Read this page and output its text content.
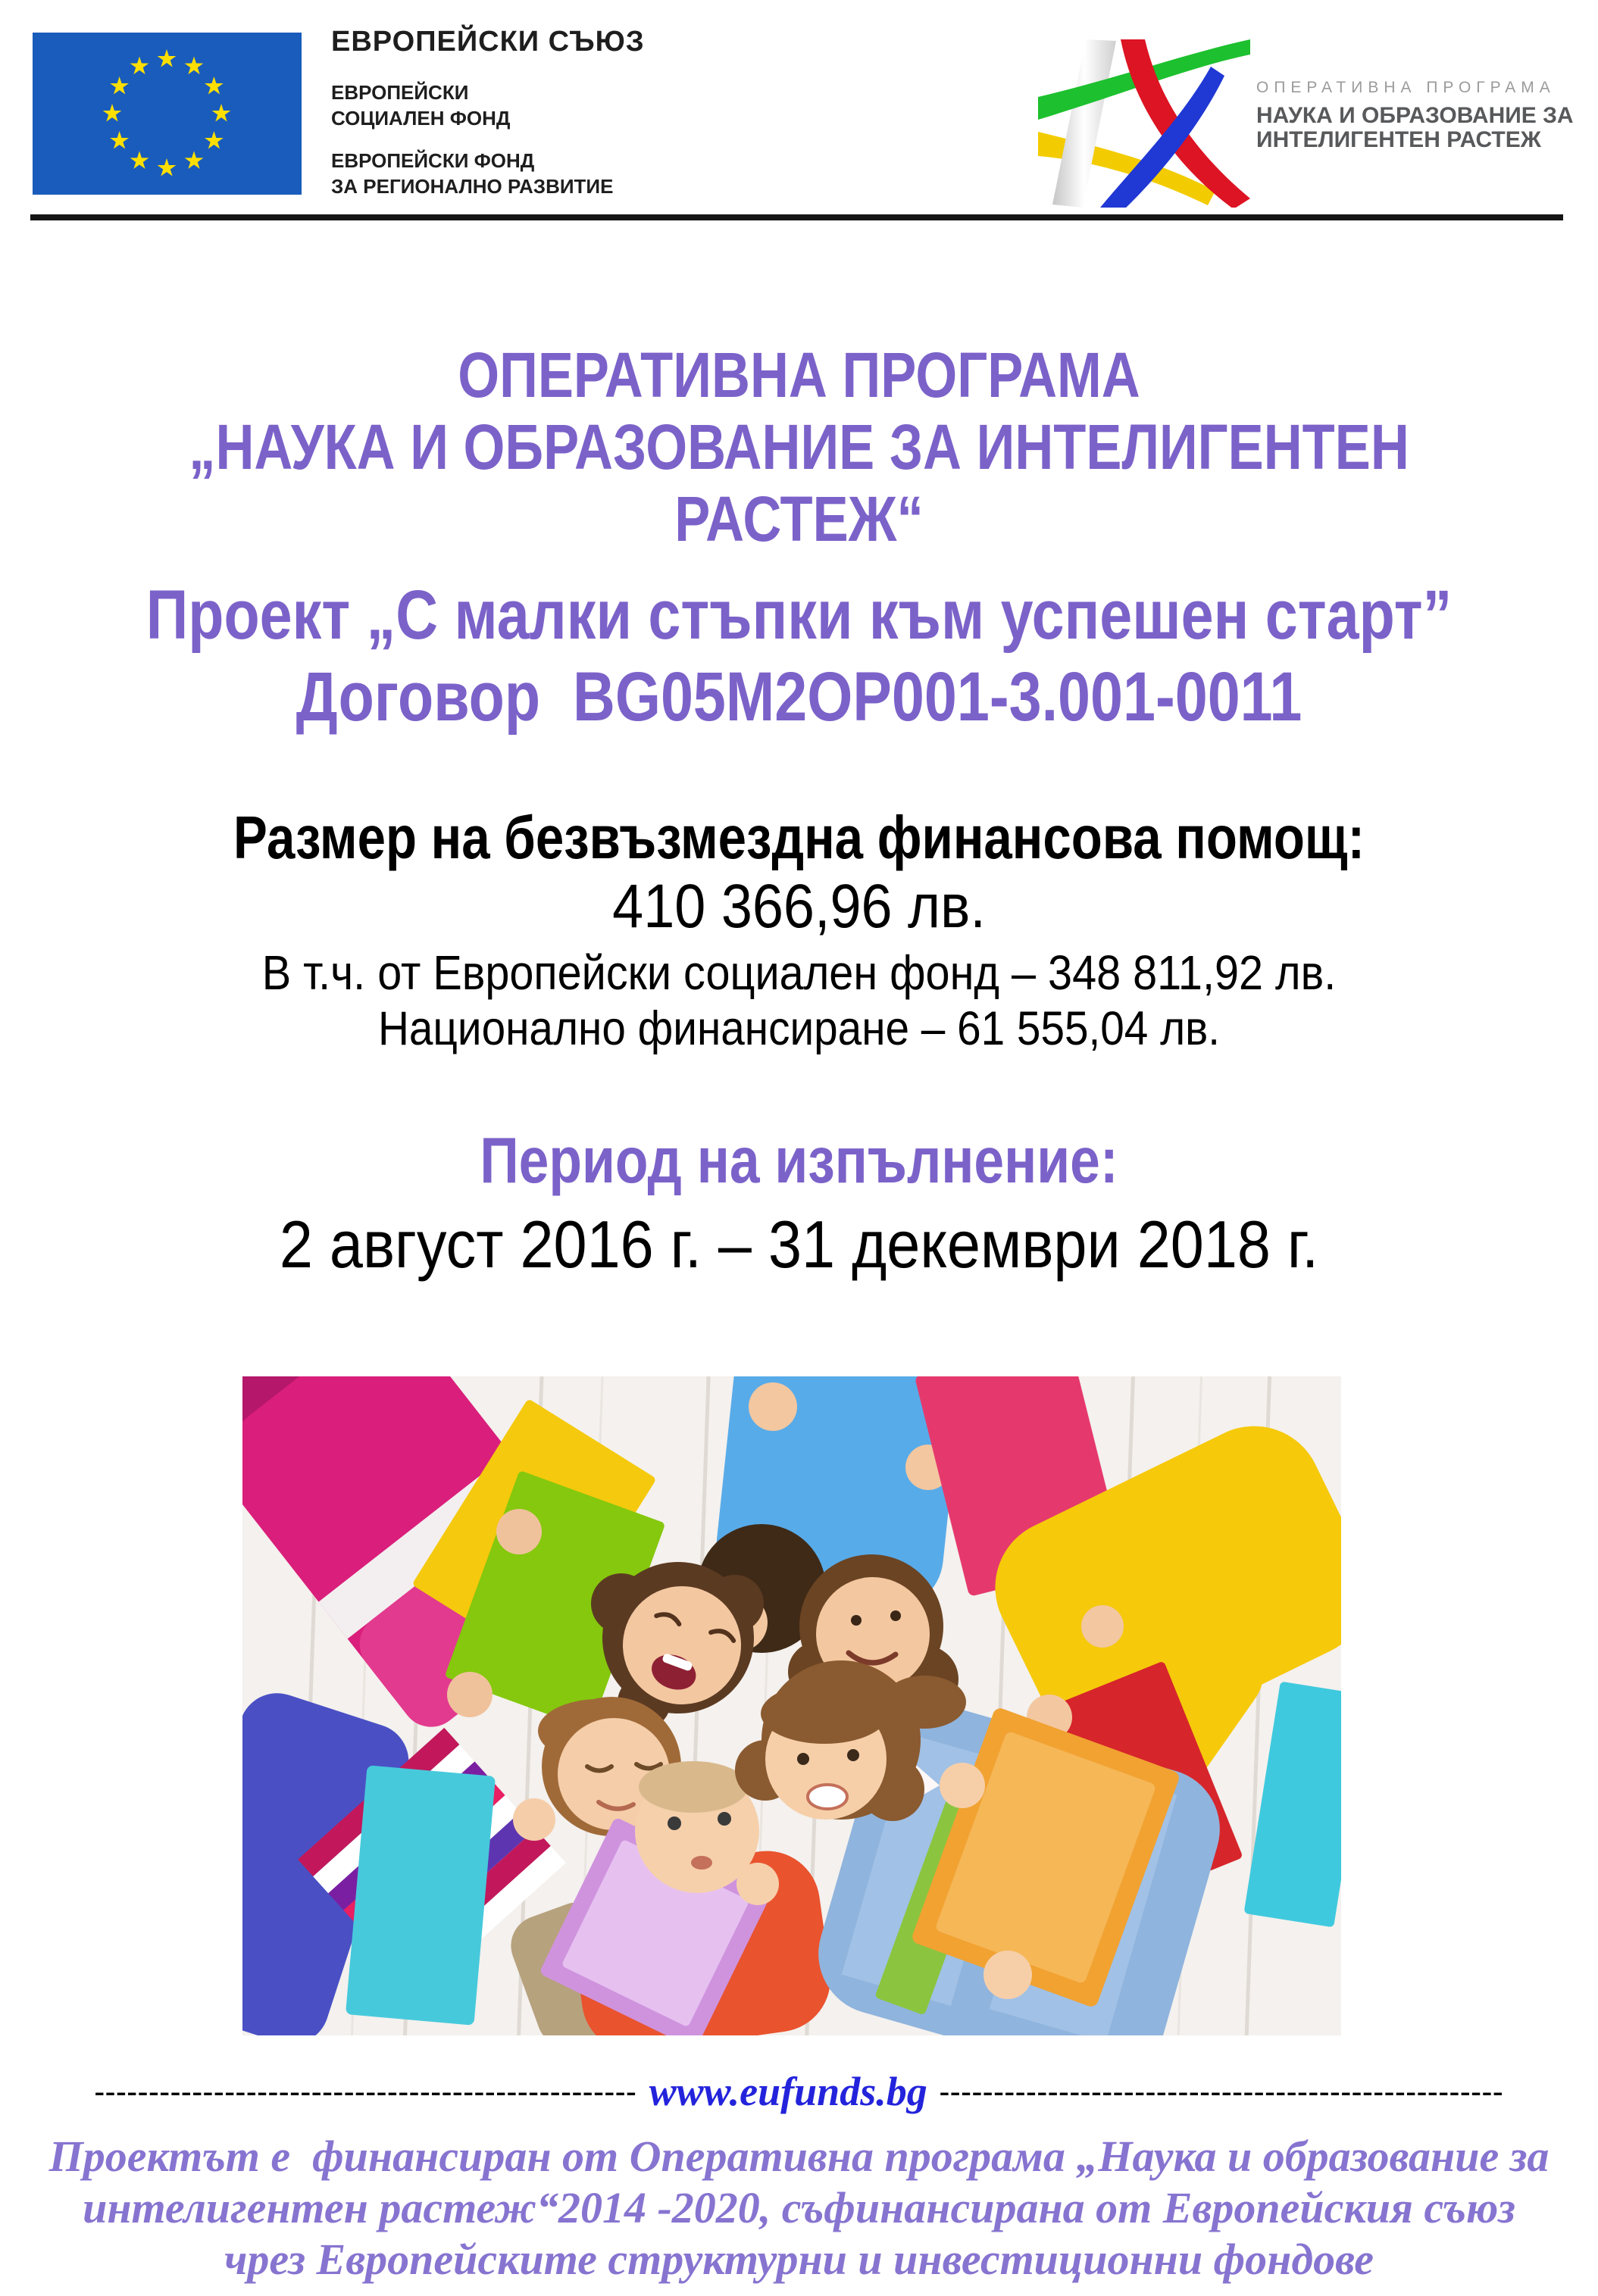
ЕВРОПЕЙСКИ СЪЮЗ
ЕВРОПЕЙСКИ
СОЦИАЛЕН ФОНД
ЕВРОПЕЙСКИ ФОНД
ЗА РЕГИОНАЛНО РАЗВИТИЕ
ОПЕРАТИВНА ПРОГРАМА
НАУКА И ОБРАЗОВАНИЕ ЗА
ИНТЕЛИГЕНТЕН РАСТЕЖ
ОПЕРАТИВНА ПРОГРАМА
„НАУКА И ОБРАЗОВАНИЕ ЗА ИНТЕЛИГЕНТЕН РАСТЕЖ“
Проект „С малки стъпки към успешен старт”
Договор  BG05M2OP001-3.001-0011
Размер на безвъзмездна финансова помощ:
410 366,96 лв.
В т.ч. от Европейски социален фонд – 348 811,92 лв.
Национално финансиране – 61 555,04 лв.
Период на изпълнение:
2 август 2016 г. – 31 декември 2018 г.
-------------------------------------------------- www.eufunds.bg ----------------------------------------------------
Проектът е  финансиран от Оперативна програма „Наука и образование за
интелигентен растеж“2014 -2020, съфинансирана от Европейския съюз
чрез Европейските структурни и инвестиционни фондове
